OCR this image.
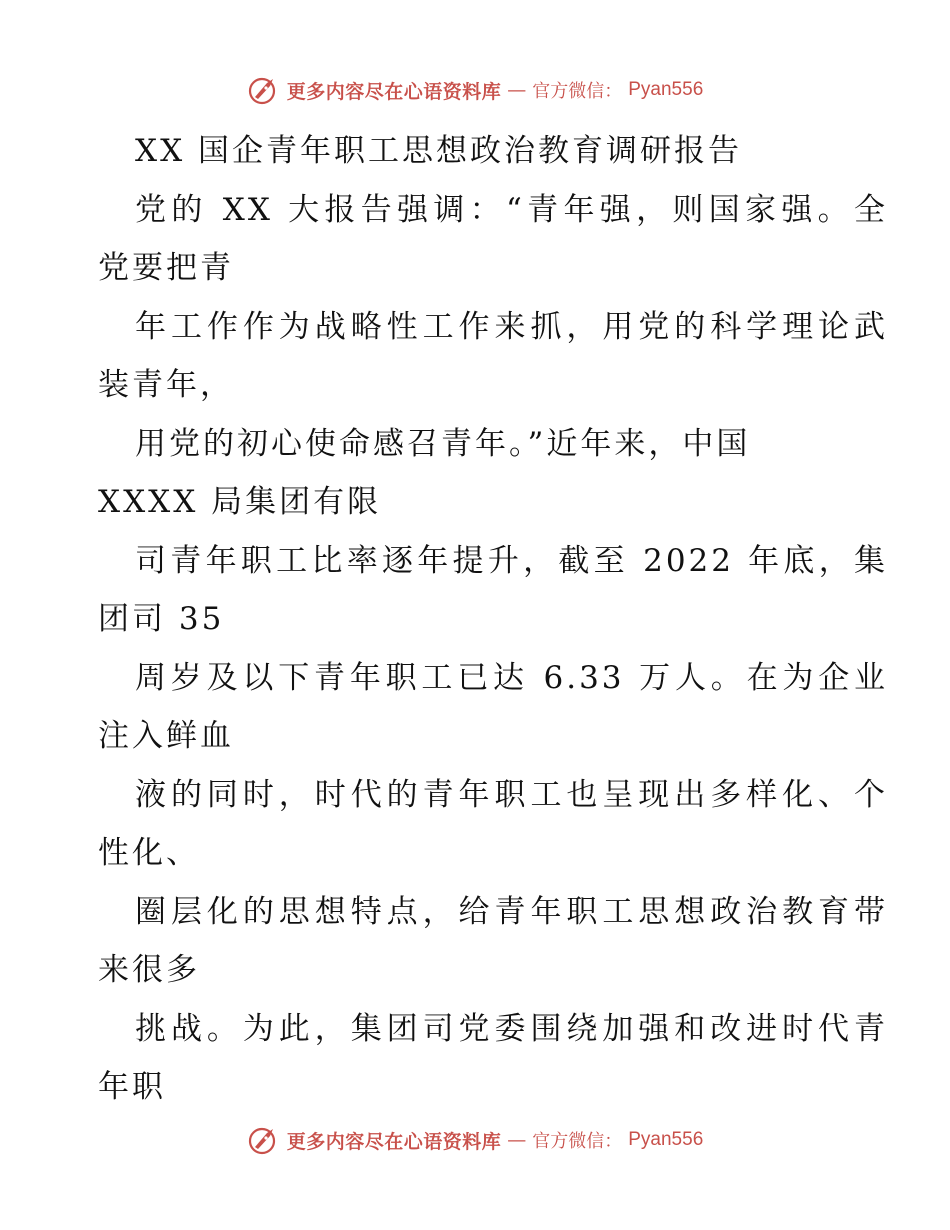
更多内容尽在心语资料库 — 官方微信： Pyan556
XX 国企青年职工思想政治教育调研报告
党的 XX 大报告强调：“青年强，则国家强。全
党要把青
年工作作为战略性工作来抓，用党的科学理论武
装青年，
用党的初心使命感召青年。”近年来，中国
XXXX 局集团有限
司青年职工比率逐年提升，截至 2022 年底，集
团司 35
周岁及以下青年职工已达 6.33 万人。在为企业
注入鲜血
液的同时，时代的青年职工也呈现出多样化、个
性化、
圈层化的思想特点，给青年职工思想政治教育带
来很多
挑战。为此，集团司党委围绕加强和改进时代青
年职
更多内容尽在心语资料库 — 官方微信： Pyan556
